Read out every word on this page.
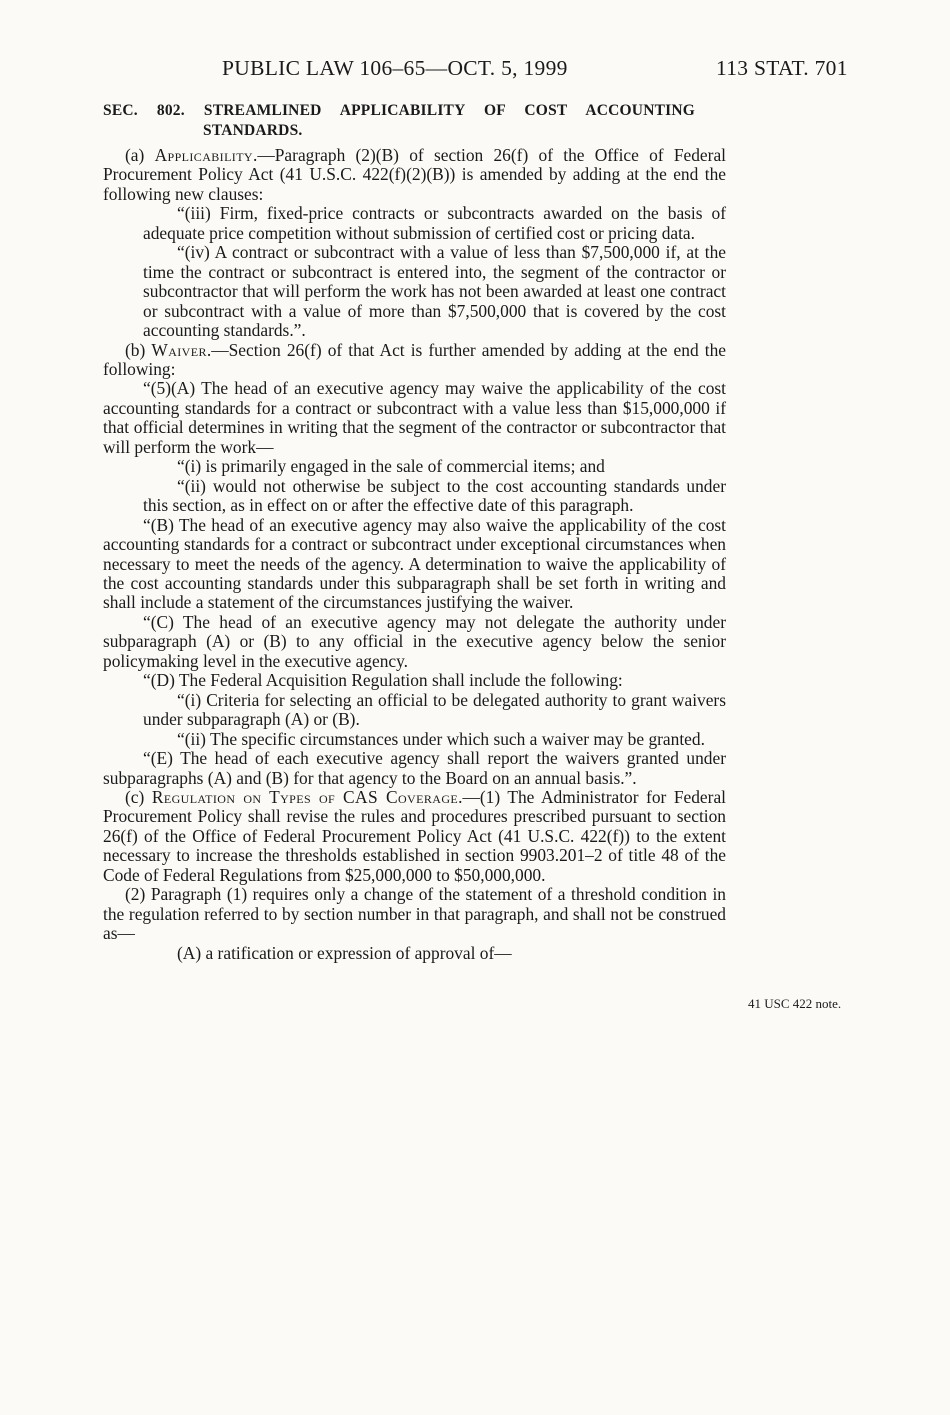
PUBLIC LAW 106–65—OCT. 5, 1999	113 STAT. 701
SEC. 802. STREAMLINED APPLICABILITY OF COST ACCOUNTING
STANDARDS.

(a) Applicability.—Paragraph (2)(B) of section 26(f) of the Office of Federal Procurement Policy Act (41 U.S.C. 422(f)(2)(B)) is amended by adding at the end the following new clauses:

“(iii) Firm, fixed-price contracts or subcontracts awarded on the basis of adequate price competition without submission of certified cost or pricing data.

“(iv) A contract or subcontract with a value of less than $7,500,000 if, at the time the contract or subcontract is entered into, the segment of the contractor or subcontractor that will perform the work has not been awarded at least one contract or subcontract with a value of more than $7,500,000 that is covered by the cost accounting standards.”.

(b) Waiver.—Section 26(f) of that Act is further amended by adding at the end the following:

“(5)(A) The head of an executive agency may waive the applicability of the cost accounting standards for a contract or subcontract with a value less than $15,000,000 if that official determines in writing that the segment of the contractor or subcontractor that will perform the work—

“(i) is primarily engaged in the sale of commercial items; and

“(ii) would not otherwise be subject to the cost accounting standards under this section, as in effect on or after the effective date of this paragraph.

“(B) The head of an executive agency may also waive the applicability of the cost accounting standards for a contract or subcontract under exceptional circumstances when necessary to meet the needs of the agency. A determination to waive the applicability of the cost accounting standards under this subparagraph shall be set forth in writing and shall include a statement of the circumstances justifying the waiver.

“(C) The head of an executive agency may not delegate the authority under subparagraph (A) or (B) to any official in the executive agency below the senior policymaking level in the executive agency.

“(D) The Federal Acquisition Regulation shall include the following:

“(i) Criteria for selecting an official to be delegated authority to grant waivers under subparagraph (A) or (B).

“(ii) The specific circumstances under which such a waiver may be granted.

“(E) The head of each executive agency shall report the waivers granted under subparagraphs (A) and (B) for that agency to the Board on an annual basis.”.

(c) Regulation on Types of CAS Coverage.—(1) The Administrator for Federal Procurement Policy shall revise the rules and procedures prescribed pursuant to section 26(f) of the Office of Federal Procurement Policy Act (41 U.S.C. 422(f)) to the extent necessary to increase the thresholds established in section 9903.201–2 of title 48 of the Code of Federal Regulations from $25,000,000 to $50,000,000.

(2) Paragraph (1) requires only a change of the statement of a threshold condition in the regulation referred to by section number in that paragraph, and shall not be construed as—

(A) a ratification or expression of approval of—

41 USC 422 note.
